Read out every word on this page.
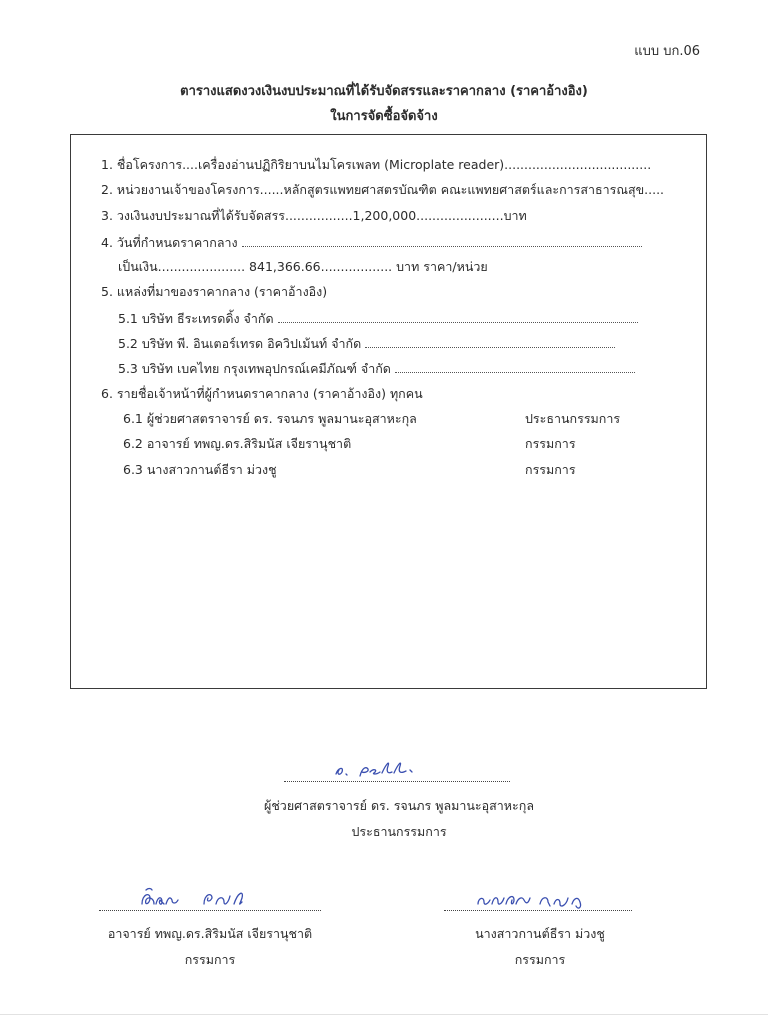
แบบ บก.06
ตารางแสดงวงเงินงบประมาณที่ได้รับจัดสรรและราคากลาง (ราคาอ้างอิง)
ในการจัดซื้อจัดจ้าง
1. ชื่อโครงการ....เครื่องอ่านปฏิกิริยาบนไมโครเพลท (Microplate reader).....................................
2. หน่วยงานเจ้าของโครงการ......หลักสูตรแพทยศาสตรบัณฑิต คณะแพทยศาสตร์และการสาธารณสุข.....
3. วงเงินงบประมาณที่ได้รับจัดสรร.................1,200,000......................บาท
4. วันที่กำหนดราคากลาง
เป็นเงิน...................... 841,366.66.................. บาท ราคา/หน่วย
5. แหล่งที่มาของราคากลาง (ราคาอ้างอิง)
5.1 บริษัท ธีระเทรดดิ้ง จำกัด
5.2 บริษัท พี. อินเตอร์เทรด อิควิปเม้นท์ จำกัด
5.3 บริษัท เบคไทย กรุงเทพอุปกรณ์เคมีภัณฑ์ จำกัด
6. รายชื่อเจ้าหน้าที่ผู้กำหนดราคากลาง (ราคาอ้างอิง) ทุกคน
6.1 ผู้ช่วยศาสตราจารย์ ดร. รจนภร พูลมานะอุสาหะกุล	ประธานกรรมการ
6.2 อาจารย์ ทพญ.ดร.สิริมนัส เจียรานุชาติ	กรรมการ
6.3 นางสาวกานต์ธีรา ม่วงชู	กรรมการ
ผู้ช่วยศาสตราจารย์ ดร. รจนภร พูลมานะอุสาหะกุล
ประธานกรรมการ
อาจารย์ ทพญ.ดร.สิริมนัส เจียรานุชาติ
กรรมการ
นางสาวกานต์ธีรา ม่วงชู
กรรมการ
